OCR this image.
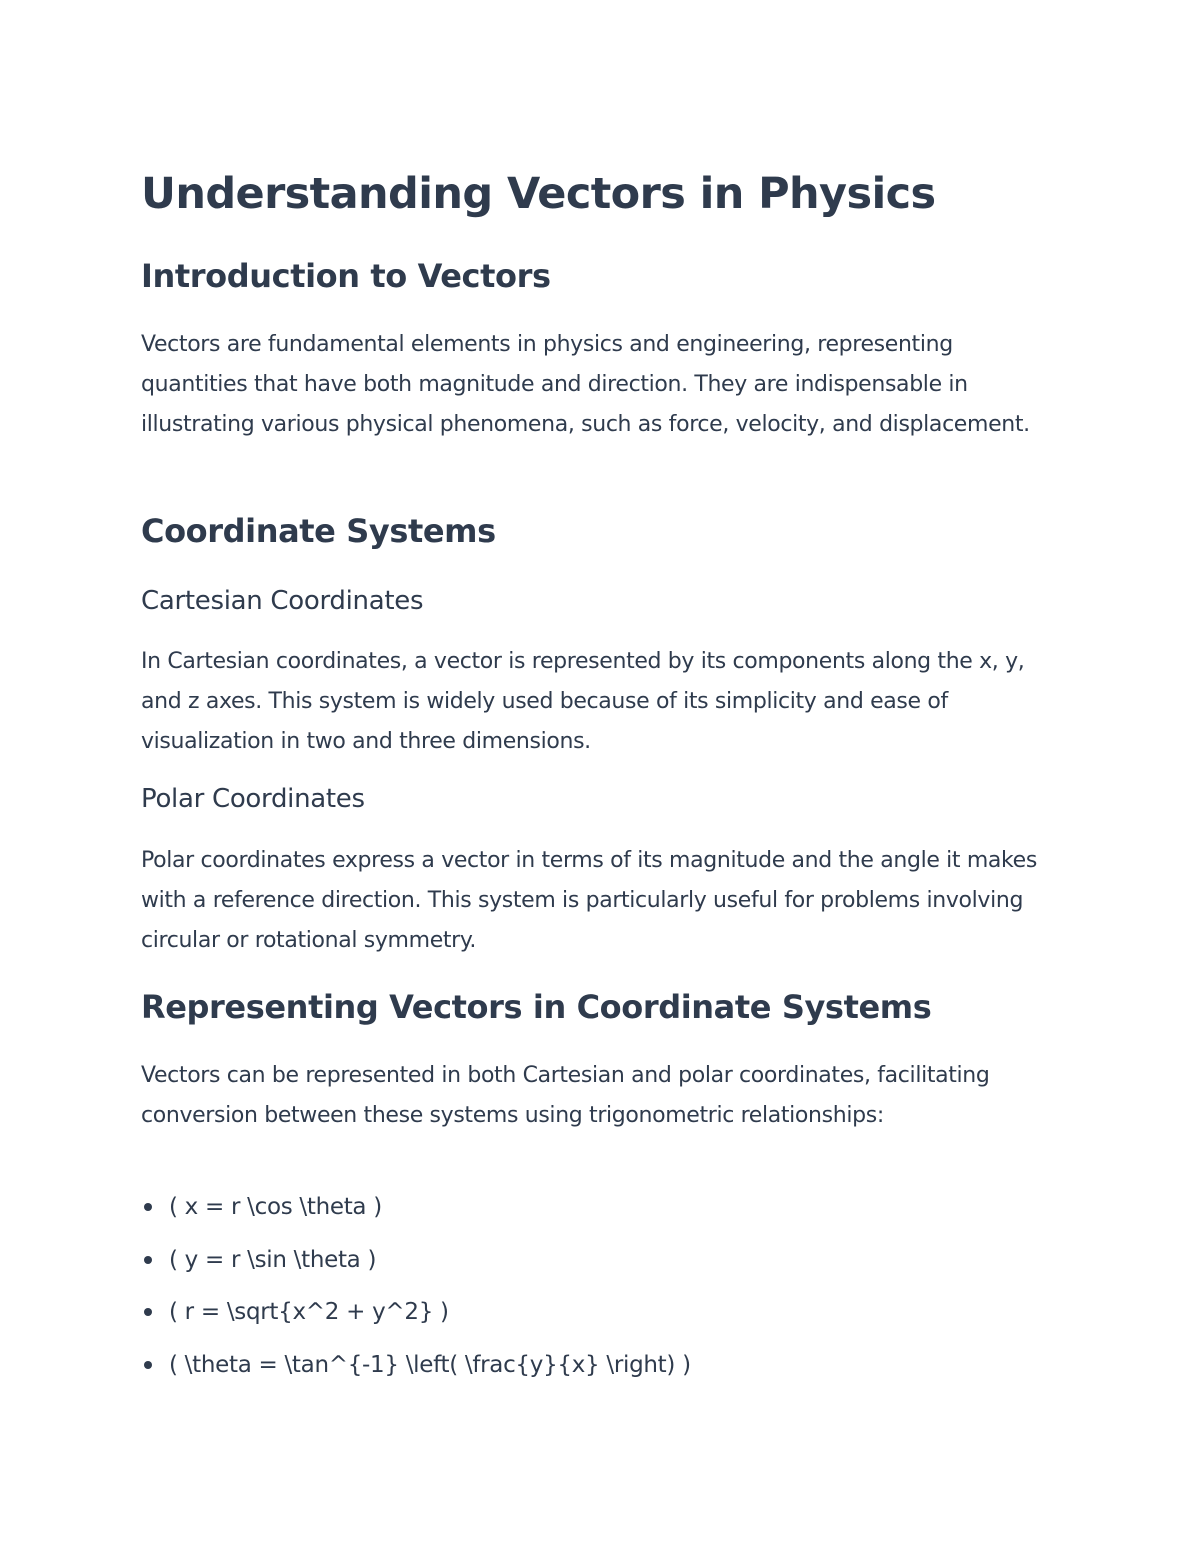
Understanding Vectors in Physics
Introduction to Vectors

Vectors are fundamental elements in physics and engineering, representing quantities that have both magnitude and direction. They are indispensable in illustrating various physical phenomena, such as force, velocity, and displacement.

Coordinate Systems
Cartesian Coordinates

In Cartesian coordinates, a vector is represented by its components along the x, y, and z axes. This system is widely used because of its simplicity and ease of visualization in two and three dimensions.

Polar Coordinates

Polar coordinates express a vector in terms of its magnitude and the angle it makes with a reference direction. This system is particularly useful for problems involving circular or rotational symmetry.

Representing Vectors in Coordinate Systems

Vectors can be represented in both Cartesian and polar coordinates, facilitating conversion between these systems using trigonometric relationships:

( x = r \cos \theta )
( y = r \sin \theta )
( r = \sqrt{x^2 + y^2} )
( \theta = \tan^{-1} \left( \frac{y}{x} \right) )
